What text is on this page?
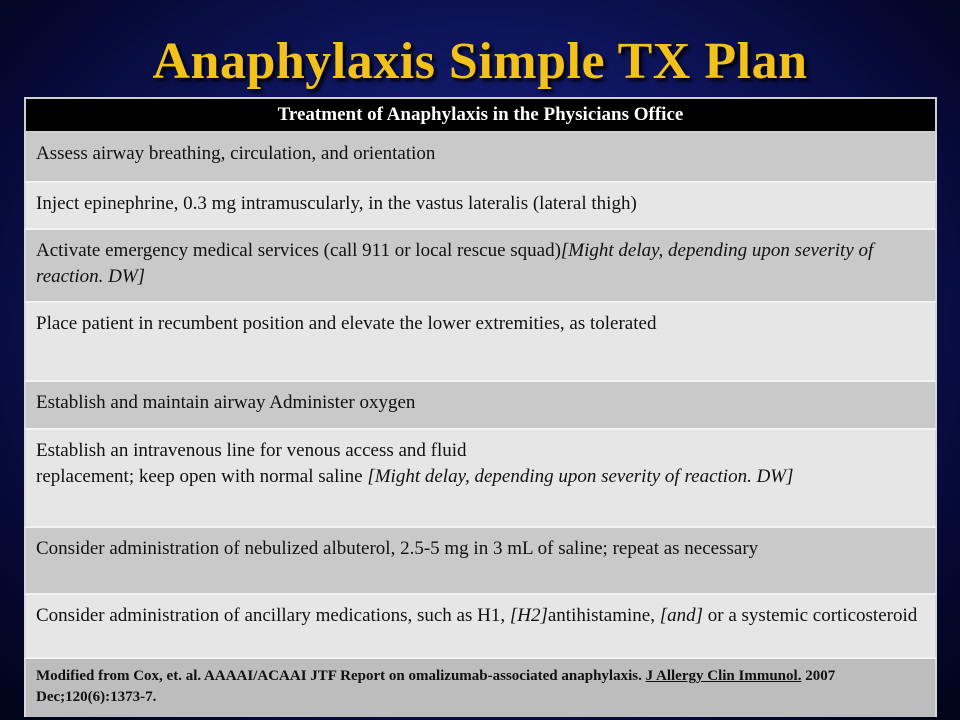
Anaphylaxis Simple TX Plan
Treatment of Anaphylaxis in the Physicians Office
Assess airway breathing, circulation, and orientation
Inject epinephrine, 0.3 mg intramuscularly, in the vastus lateralis (lateral thigh)
Activate emergency medical services (call 911 or local rescue squad)[Might delay, depending upon severity of reaction. DW]
Place patient in recumbent position and elevate the lower extremities, as tolerated
Establish and maintain airway Administer oxygen
Establish an intravenous line for venous access and fluid
replacement; keep open with normal saline [Might delay, depending upon severity of reaction. DW]
Consider administration of nebulized albuterol, 2.5-5 mg in 3 mL of saline; repeat as necessary
Consider administration of ancillary medications, such as H1, [H2]antihistamine, [and] or a systemic corticosteroid
Modified from Cox, et. al. AAAAI/ACAAI JTF Report on omalizumab-associated anaphylaxis. J Allergy Clin Immunol. 2007 Dec;120(6):1373-7.
